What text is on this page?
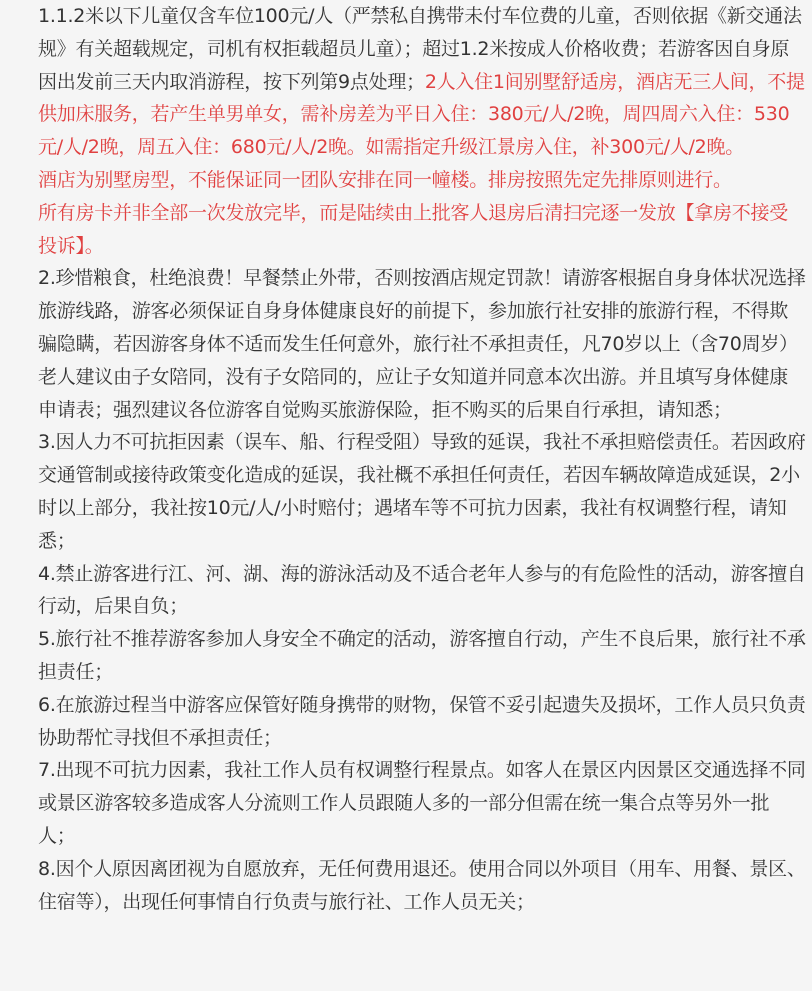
1.1.2米以下儿童仅含车位100元/人（严禁私自携带未付车位费的儿童，否则依据《新交通法规》有关超载规定，司机有权拒载超员儿童）；超过1.2米按成人价格收费；若游客因自身原因出发前三天内取消游程，按下列第9点处理；2人入住1间别墅舒适房，酒店无三人间，不提供加床服务，若产生单男单女，需补房差为平日入住：380元/人/2晚，周四周六入住：530元/人/2晚，周五入住：680元/人/2晚。如需指定升级江景房入住，补300元/人/2晚。

酒店为别墅房型，不能保证同一团队安排在同一幢楼。排房按照先定先排原则进行。

所有房卡并非全部一次发放完毕，而是陆续由上批客人退房后清扫完逐一发放【拿房不接受投诉】。

2.珍惜粮食，杜绝浪费！早餐禁止外带，否则按酒店规定罚款！请游客根据自身身体状况选择旅游线路，游客必须保证自身身体健康良好的前提下，参加旅行社安排的旅游行程，不得欺骗隐瞒，若因游客身体不适而发生任何意外，旅行社不承担责任，凡70岁以上（含70周岁）老人建议由子女陪同，没有子女陪同的，应让子女知道并同意本次出游。并且填写身体健康申请表；强烈建议各位游客自觉购买旅游保险，拒不购买的后果自行承担，请知悉；

3.因人力不可抗拒因素（误车、船、行程受阻）导致的延误，我社不承担赔偿责任。若因政府交通管制或接待政策变化造成的延误，我社概不承担任何责任，若因车辆故障造成延误，2小时以上部分，我社按10元/人/小时赔付；遇堵车等不可抗力因素，我社有权调整行程，请知悉；

4.禁止游客进行江、河、湖、海的游泳活动及不适合老年人参与的有危险性的活动，游客擅自行动，后果自负；

5.旅行社不推荐游客参加人身安全不确定的活动，游客擅自行动，产生不良后果，旅行社不承担责任；

6.在旅游过程当中游客应保管好随身携带的财物，保管不妥引起遗失及损坏，工作人员只负责协助帮忙寻找但不承担责任；

7.出现不可抗力因素，我社工作人员有权调整行程景点。如客人在景区内因景区交通选择不同或景区游客较多造成客人分流则工作人员跟随人多的一部分但需在统一集合点等另外一批人；

8.因个人原因离团视为自愿放弃，无任何费用退还。使用合同以外项目（用车、用餐、景区、住宿等），出现任何事情自行负责与旅行社、工作人员无关；
